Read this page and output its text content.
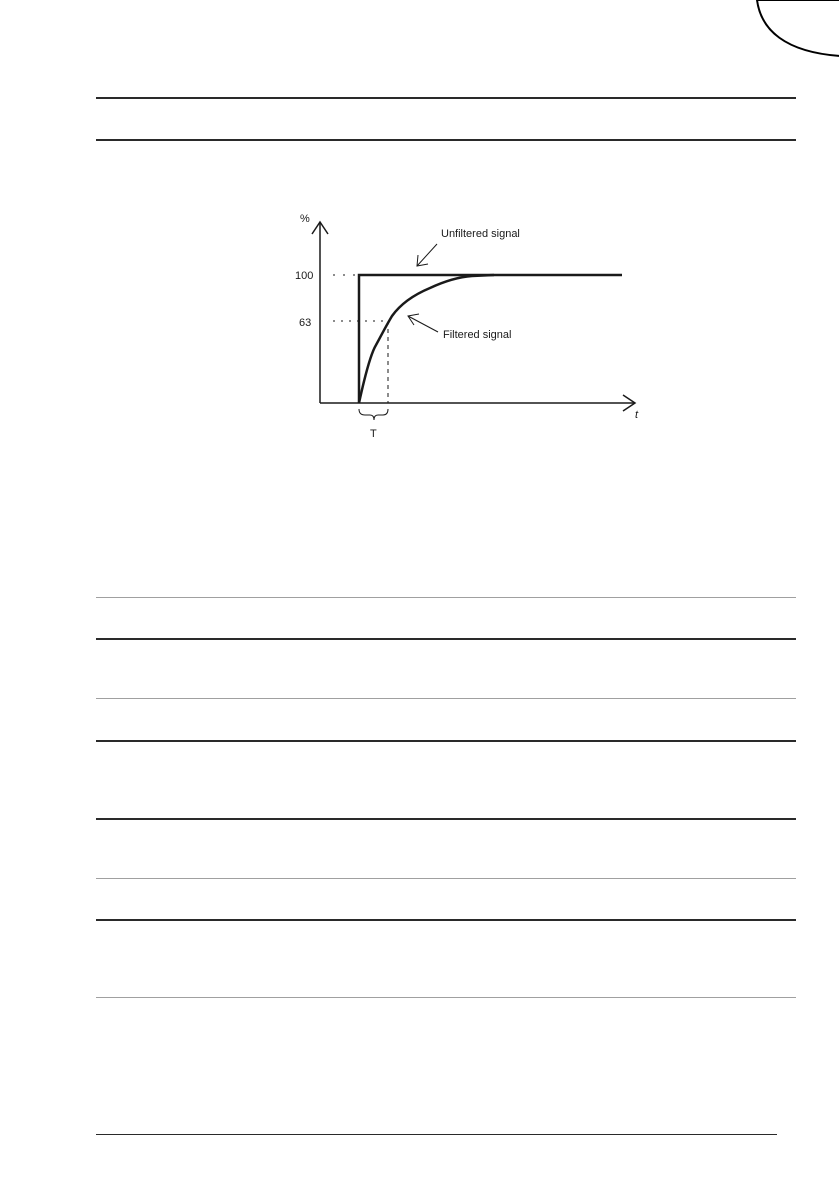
%
t
100
63
Unfiltered signal
Filtered signal
T
